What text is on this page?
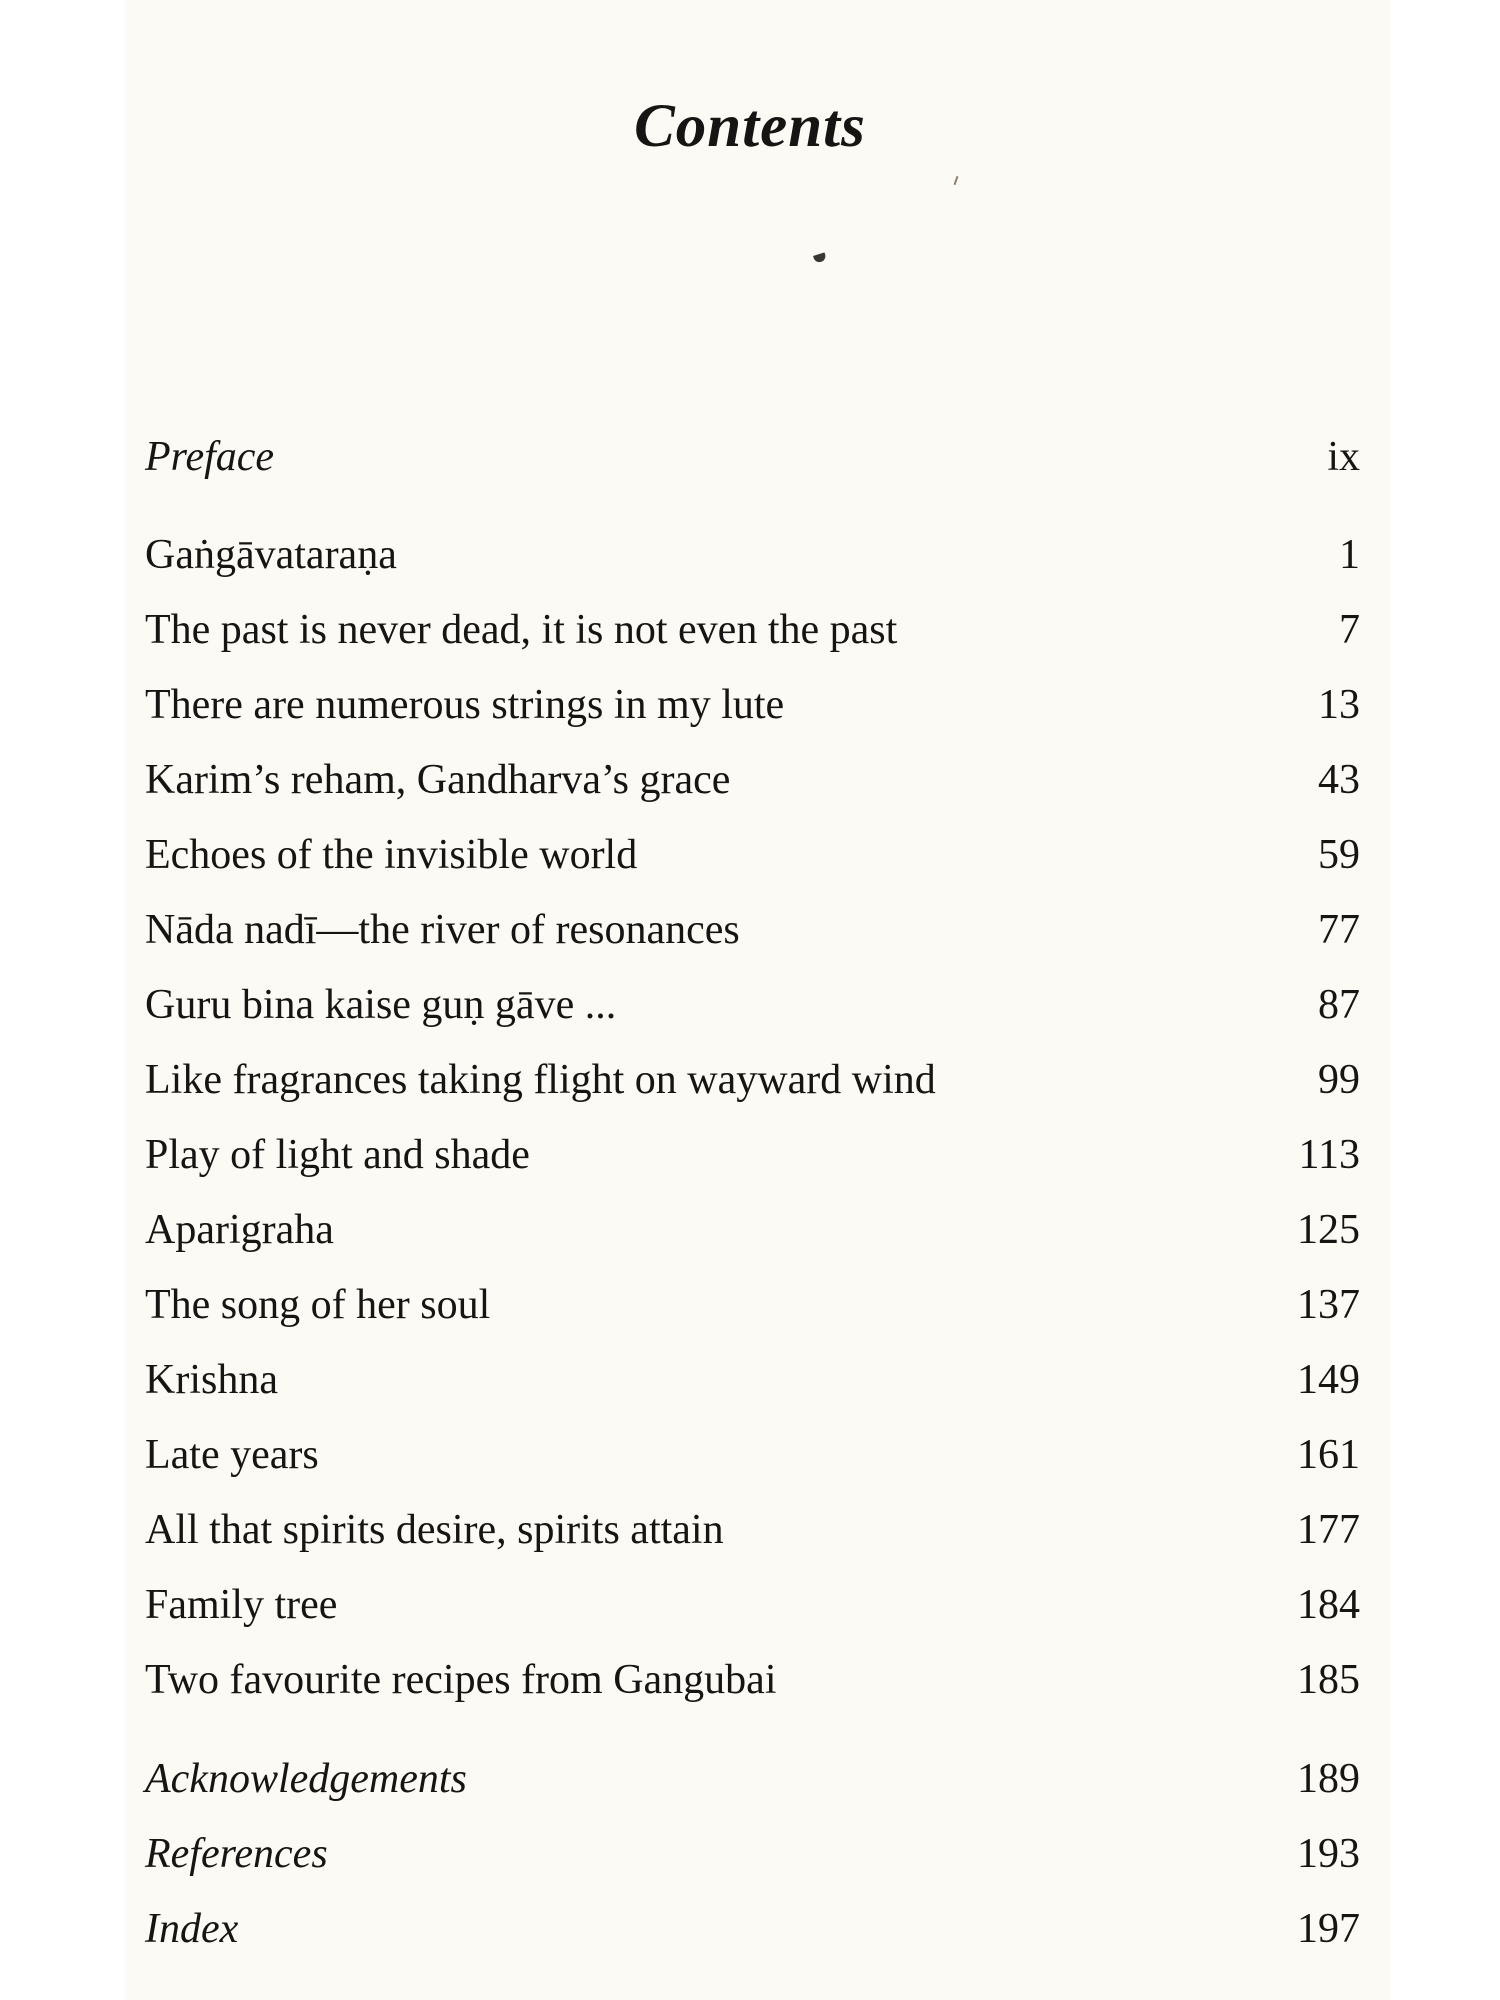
Contents
Preface	ix
Gaṅgāvataraṇa	1
The past is never dead, it is not even the past	7
There are numerous strings in my lute	13
Karim’s reham, Gandharva’s grace	43
Echoes of the invisible world	59
Nāda nadī—the river of resonances	77
Guru bina kaise guṇ gāve ...	87
Like fragrances taking flight on wayward wind	99
Play of light and shade	113
Aparigraha	125
The song of her soul	137
Krishna	149
Late years	161
All that spirits desire, spirits attain	177
Family tree	184
Two favourite recipes from Gangubai	185
Acknowledgements	189
References	193
Index	197
